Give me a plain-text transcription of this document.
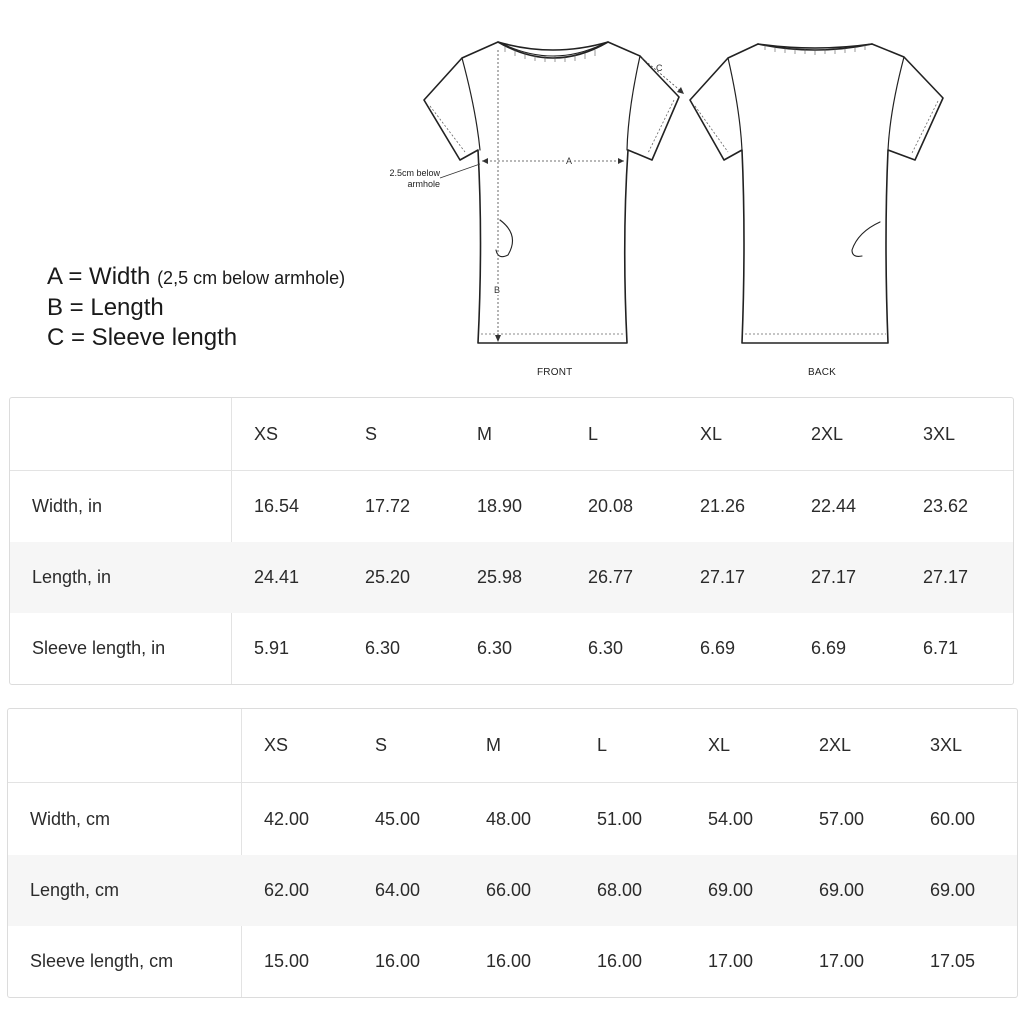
A = Width (2,5 cm below armhole)
B = Length
C = Sleeve length
2.5cm below
armhole
A
B
C
FRONT	BACK
XS	S	M	L	XL	2XL	3XL
Width, in	16.54	17.72	18.90	20.08	21.26	22.44	23.62
Length, in	24.41	25.20	25.98	26.77	27.17	27.17	27.17
Sleeve length, in	5.91	6.30	6.30	6.30	6.69	6.69	6.71
XS	S	M	L	XL	2XL	3XL
Width, cm	42.00	45.00	48.00	51.00	54.00	57.00	60.00
Length, cm	62.00	64.00	66.00	68.00	69.00	69.00	69.00
Sleeve length, cm	15.00	16.00	16.00	16.00	17.00	17.00	17.05
